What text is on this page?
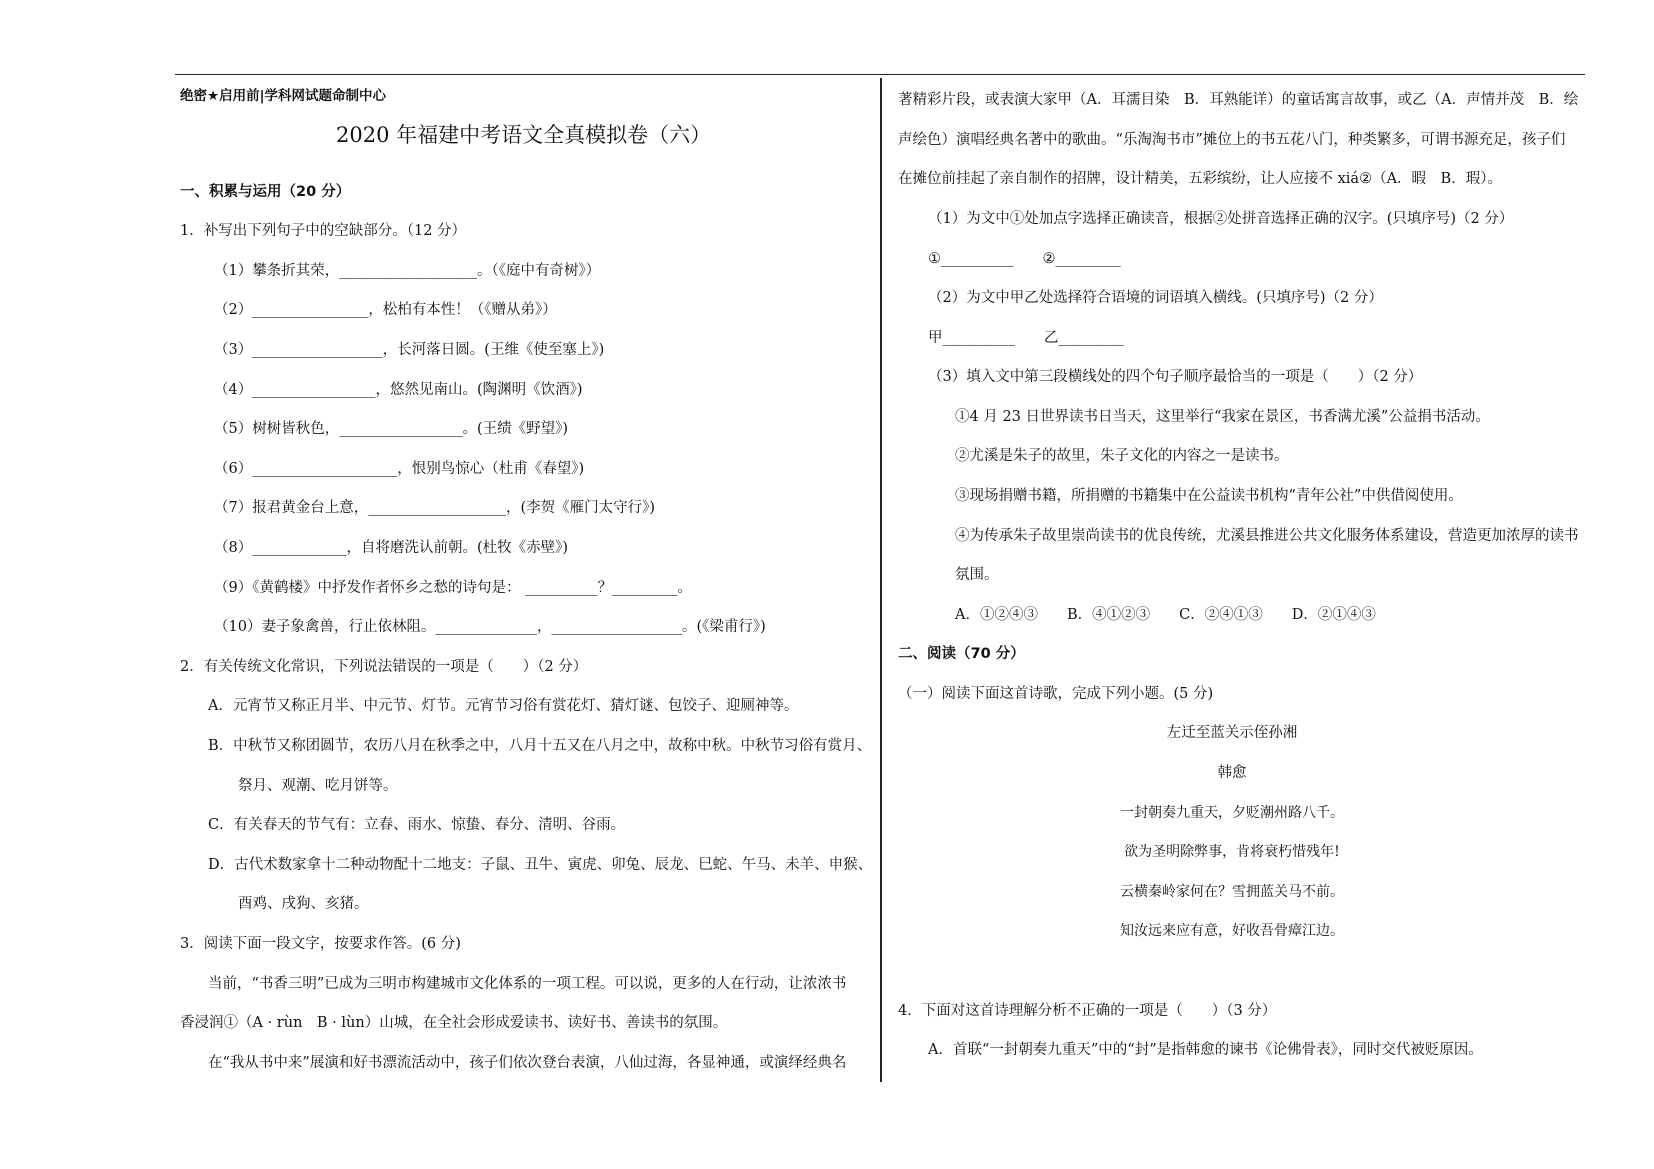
绝密★启用前|学科网试题命制中心
2020 年福建中考语文全真模拟卷（六）
一、积累与运用（20 分）
1．补写出下列句子中的空缺部分。（12 分）
（1）攀条折其荣，___________________。（《庭中有奇树》）
（2）________________，松柏有本性！（《赠从弟》）
（3）__________________，长河落日圆。(王维《使至塞上》)
（4）_________________，悠然见南山。(陶渊明《饮酒》)
（5）树树皆秋色，_________________。(王绩《野望》)
（6）____________________，恨别鸟惊心（杜甫《春望》)
（7）报君黄金台上意，___________________，(李贺《雁门太守行》)
（8）_____________，自将磨洗认前朝。(杜牧《赤壁》)
（9）《黄鹤楼》中抒发作者怀乡之愁的诗句是： __________？_________。
（10）妻子象禽兽，行止依林阻。______________，__________________。(《梁甫行》)
2．有关传统文化常识，下列说法错误的一项是（　　）（2 分）
A．元宵节又称正月半、中元节、灯节。元宵节习俗有赏花灯、猜灯谜、包饺子、迎厕神等。
B．中秋节又称团圆节，农历八月在秋季之中，八月十五又在八月之中，故称中秋。中秋节习俗有赏月、
祭月、观潮、吃月饼等。
C．有关春天的节气有：立春、雨水、惊蛰、春分、清明、谷雨。
D．古代术数家拿十二种动物配十二地支：子鼠、丑牛、寅虎、卯兔、辰龙、巳蛇、午马、未羊、申猴、
酉鸡、戌狗、亥猪。
3．阅读下面一段文字，按要求作答。(6 分)
当前，“书香三明”已成为三明市构建城市文化体系的一项工程。可以说，更多的人在行动，让浓浓书
香浸润①（A · rùn　B · lùn）山城，在全社会形成爱读书、读好书、善读书的氛围。
在“我从书中来”展演和好书漂流活动中，孩子们依次登台表演，八仙过海，各显神通，或演绎经典名
著精彩片段，或表演大家甲（A．耳濡目染　B．耳熟能详）的童话寓言故事，或乙（A．声情并茂　B．绘
声绘色）演唱经典名著中的歌曲。“乐淘淘书市”摊位上的书五花八门，种类繁多，可谓书源充足，孩子们
在摊位前挂起了亲自制作的招牌，设计精美，五彩缤纷，让人应接不 xiá②（A．暇　B．瑕）。
（1）为文中①处加点字选择正确读音，根据②处拼音选择正确的汉字。(只填序号)（2 分）
①__________　　②_________
（2）为文中甲乙处选择符合语境的词语填入横线。(只填序号)（2 分）
甲__________　　乙_________
（3）填入文中第三段横线处的四个句子顺序最恰当的一项是（　　）（2 分）
①4 月 23 日世界读书日当天，这里举行“我家在景区，书香满尤溪”公益捐书活动。
②尤溪是朱子的故里，朱子文化的内容之一是读书。
③现场捐赠书籍，所捐赠的书籍集中在公益读书机构“青年公社”中供借阅使用。
④为传承朱子故里崇尚读书的优良传统，尤溪县推进公共文化服务体系建设，营造更加浓厚的读书
氛围。
A．①②④③　　B．④①②③　　C．②④①③　　D．②①④③
二、阅读（70 分）
（一）阅读下面这首诗歌，完成下列小题。(5 分)
左迁至蓝关示侄孙湘
韩愈
一封朝奏九重天，夕贬潮州路八千。
欲为圣明除弊事，肯将衰朽惜残年!
云横秦岭家何在？雪拥蓝关马不前。
知汝远来应有意，好收吾骨瘴江边。
4．下面对这首诗理解分析不正确的一项是（　　）（3 分）
A．首联“一封朝奏九重天”中的“封”是指韩愈的谏书《论佛骨表》，同时交代被贬原因。
